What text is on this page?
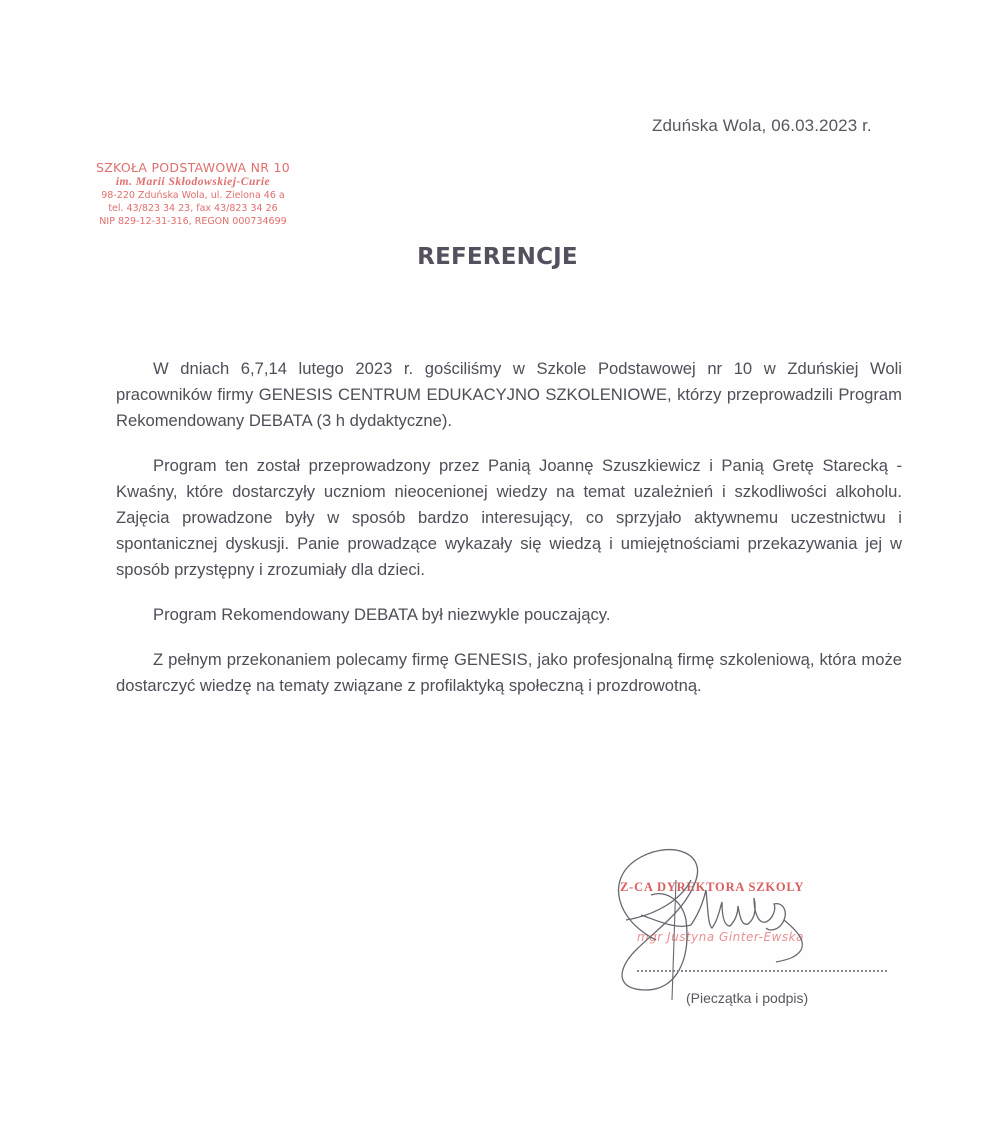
Zduńska Wola, 06.03.2023 r.
SZKOŁA PODSTAWOWA NR 10
im. Marii Skłodowskiej-Curie
98-220 Zduńska Wola, ul. Zielona 46 a
tel. 43/823 34 23, fax 43/823 34 26
NIP 829-12-31-316, REGON 000734699
REFERENCJE

W dniach 6,7,14 lutego 2023 r. gościliśmy w Szkole Podstawowej nr 10 w Zduńskiej Woli pracowników firmy GENESIS CENTRUM EDUKACYJNO SZKOLENIOWE, którzy przeprowadzili Program Rekomendowany DEBATA (3 h dydaktyczne).

Program ten został przeprowadzony przez Panią Joannę Szuszkiewicz i Panią Gretę Starecką - Kwaśny, które dostarczyły uczniom nieocenionej wiedzy na temat uzależnień i szkodliwości alkoholu. Zajęcia prowadzone były w sposób bardzo interesujący, co sprzyjało aktywnemu uczestnictwu i spontanicznej dyskusji. Panie prowadzące wykazały się wiedzą i umiejętnościami przekazywania jej w sposób przystępny i zrozumiały dla dzieci.

Program Rekomendowany DEBATA był niezwykle pouczający.

Z pełnym przekonaniem polecamy firmę GENESIS, jako profesjonalną firmę szkoleniową, która może dostarczyć wiedzę na tematy związane z profilaktyką społeczną i prozdrowotną.

Z-CA DYREKTORA SZKOLY
mgr Justyna Ginter-Ewska
(Pieczątka i podpis)
